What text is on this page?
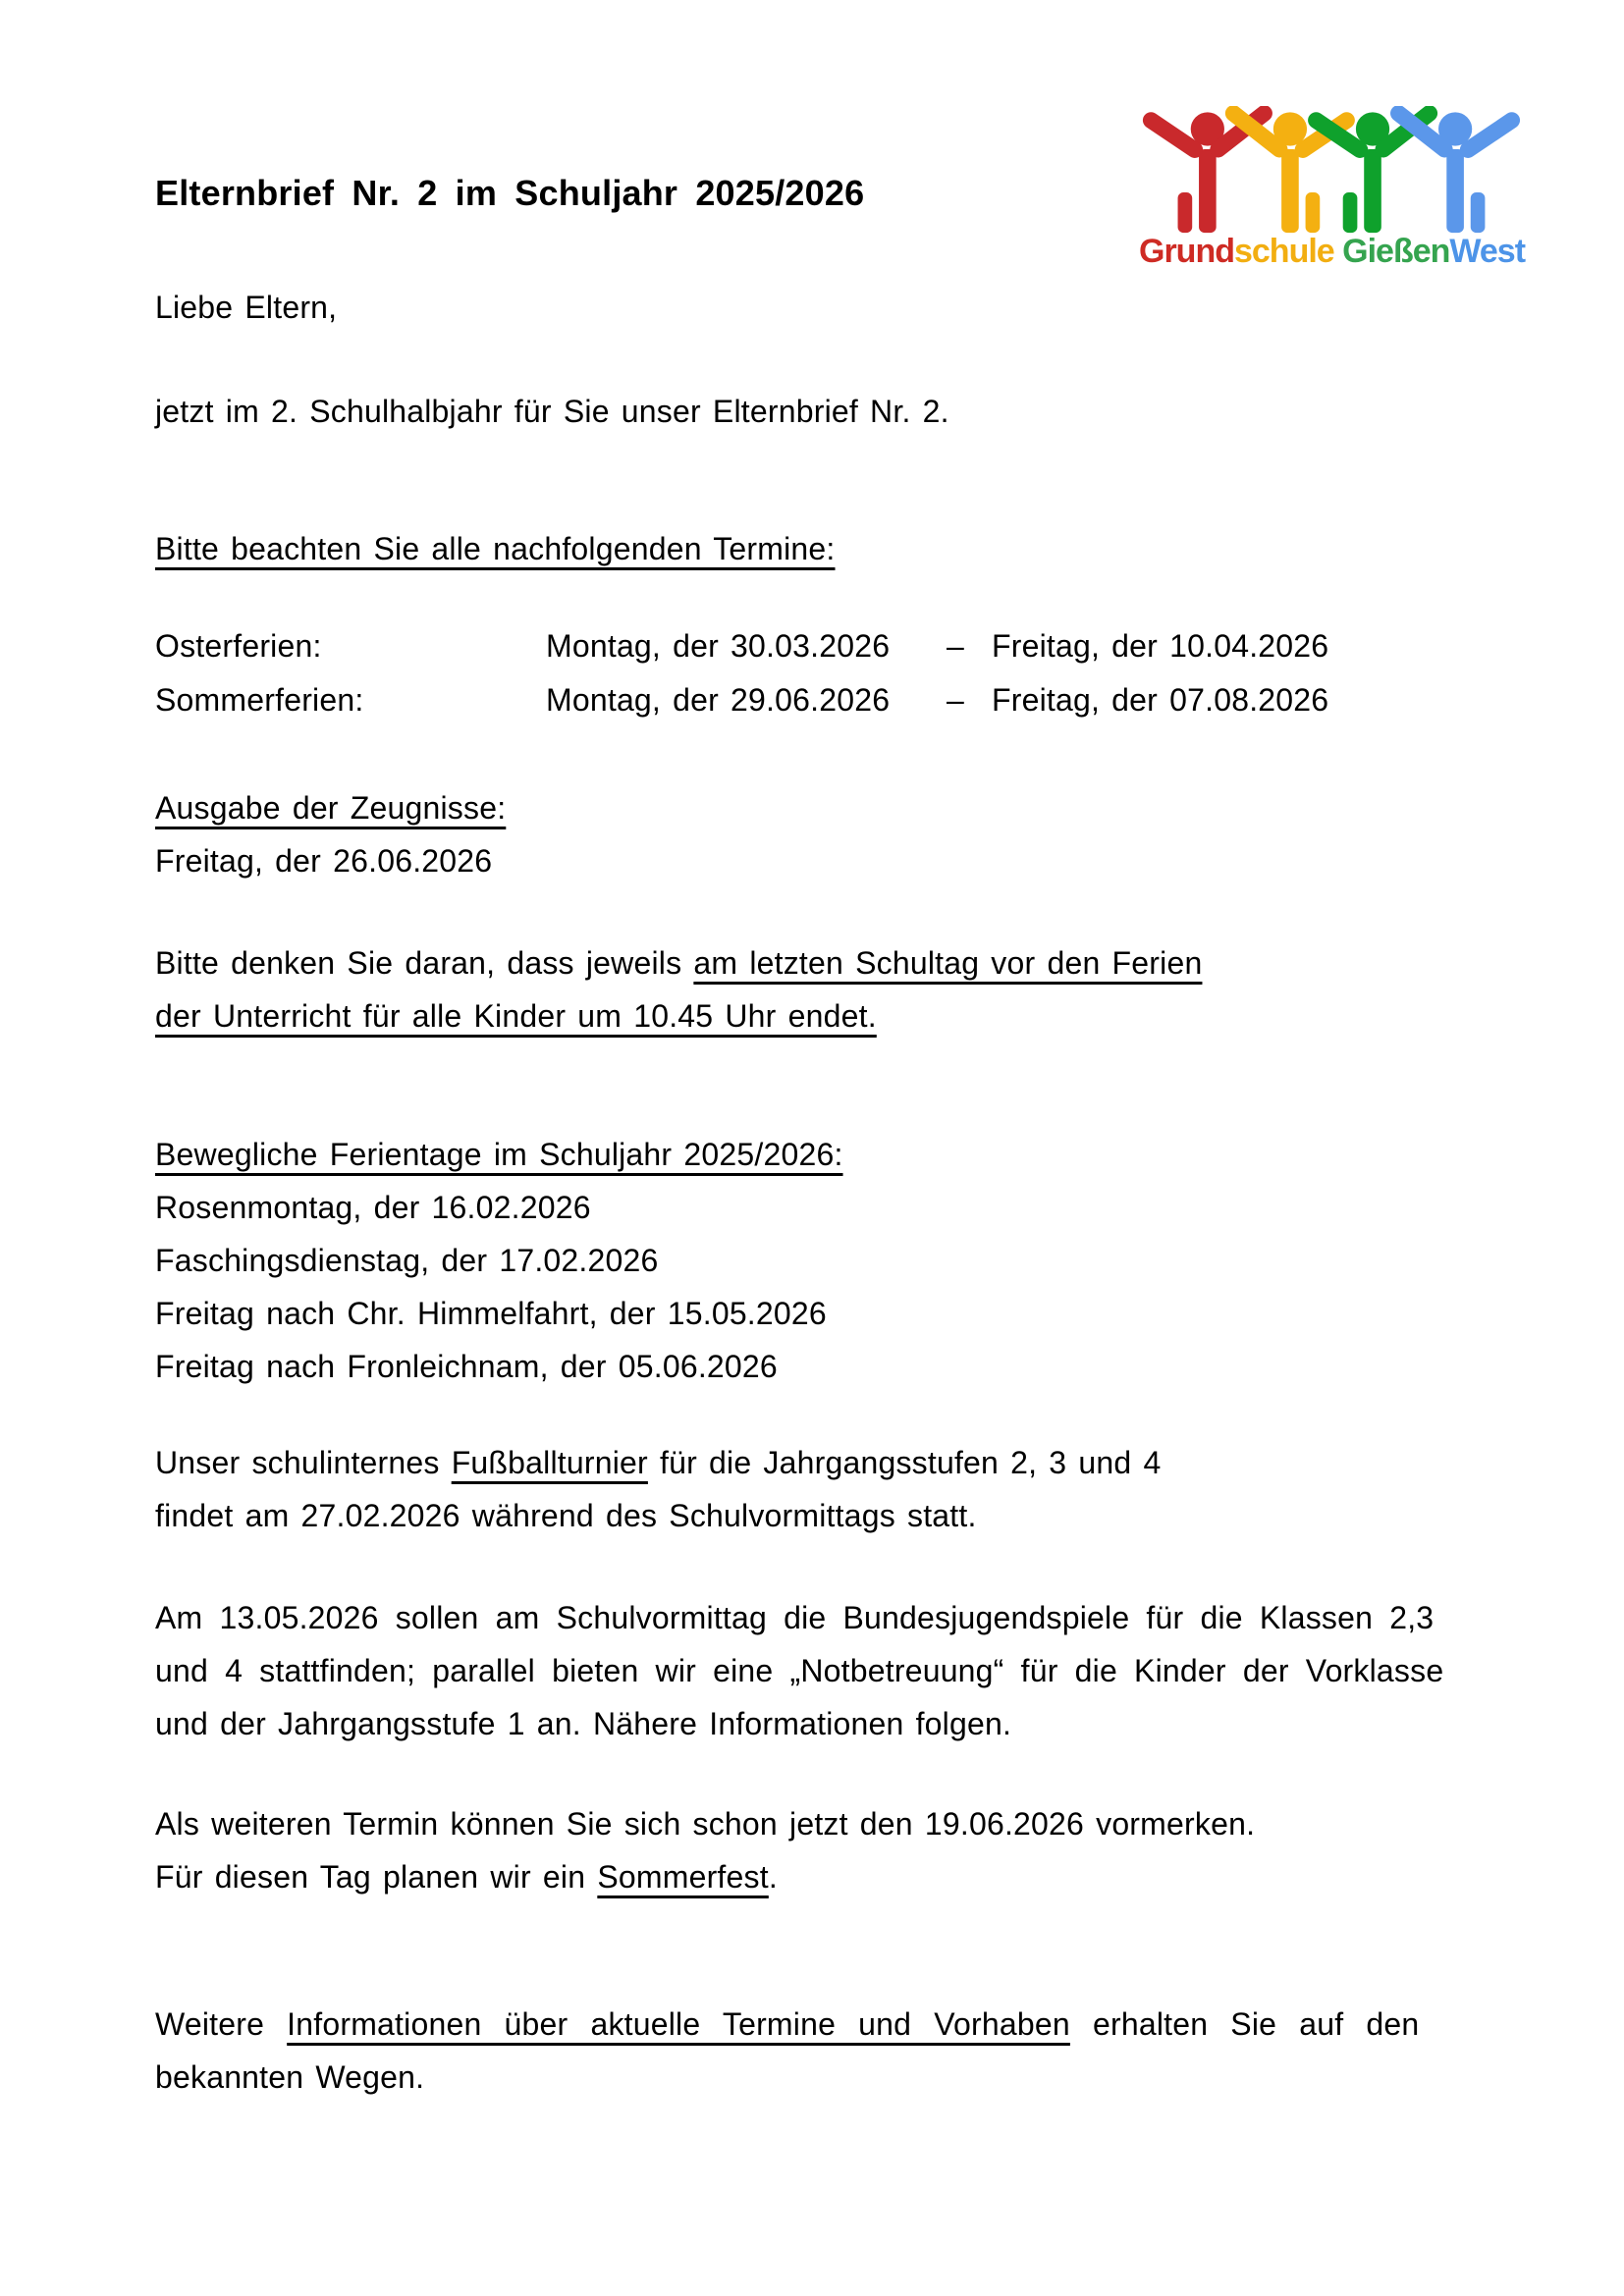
Elternbrief Nr. 2 im Schuljahr 2025/2026
Grundschule GießenWest
Liebe Eltern,
jetzt im 2. Schulhalbjahr für Sie unser Elternbrief Nr. 2.
Bitte beachten Sie alle nachfolgenden Termine:
Osterferien:	Montag, der 30.03.2026	– Freitag, der 10.04.2026
Sommerferien:	Montag, der 29.06.2026	– Freitag, der 07.08.2026
Ausgabe der Zeugnisse:
Freitag, der 26.06.2026
Bitte denken Sie daran, dass jeweils am letzten Schultag vor den Ferien
der Unterricht für alle Kinder um 10.45 Uhr endet.
Bewegliche Ferientage im Schuljahr 2025/2026:
Rosenmontag, der 16.02.2026
Faschingsdienstag, der 17.02.2026
Freitag nach Chr. Himmelfahrt, der 15.05.2026
Freitag nach Fronleichnam, der 05.06.2026
Unser schulinternes Fußballturnier für die Jahrgangsstufen 2, 3 und 4
findet am 27.02.2026 während des Schulvormittags statt.
Am 13.05.2026 sollen am Schulvormittag die Bundesjugendspiele für die Klassen 2,3
und 4 stattfinden; parallel bieten wir eine „Notbetreuung“ für die Kinder der Vorklasse
und der Jahrgangsstufe 1 an. Nähere Informationen folgen.
Als weiteren Termin können Sie sich schon jetzt den 19.06.2026 vormerken.
Für diesen Tag planen wir ein Sommerfest.
Weitere Informationen über aktuelle Termine und Vorhaben erhalten Sie auf den
bekannten Wegen.
